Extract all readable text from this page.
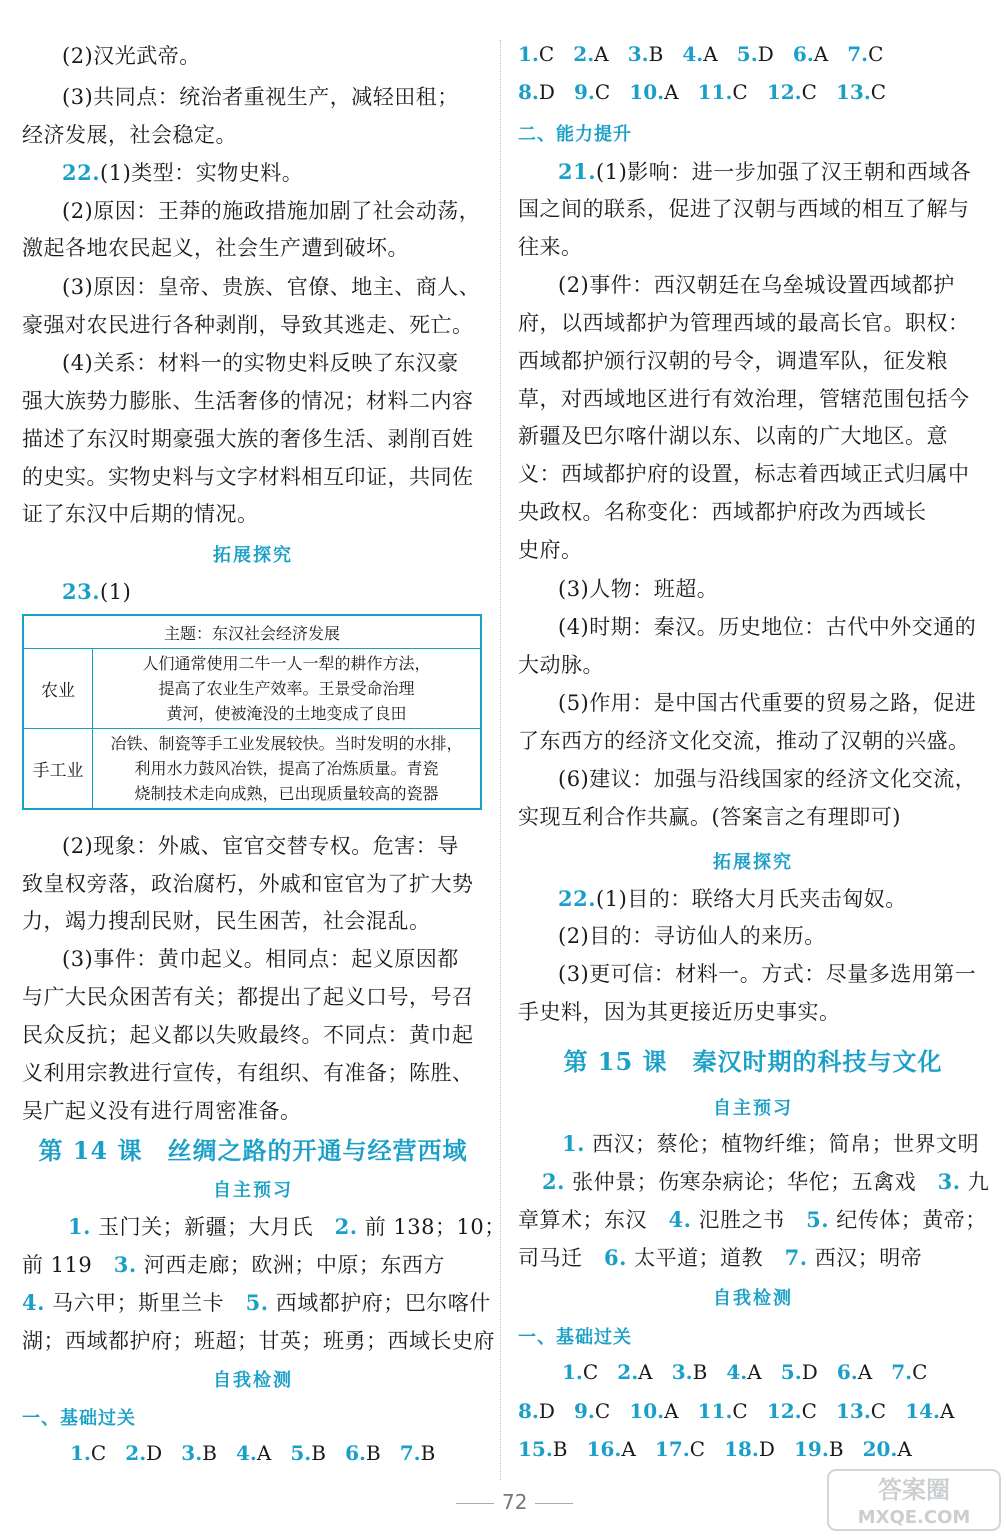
(2)汉光武帝。

(3)共同点：统治者重视生产，减轻田租；

经济发展，社会稳定。

22.(1)类型：实物史料。

(2)原因：王莽的施政措施加剧了社会动荡，

激起各地农民起义，社会生产遭到破坏。

(3)原因：皇帝、贵族、官僚、地主、商人、

豪强对农民进行各种剥削，导致其逃走、死亡。

(4)关系：材料一的实物史料反映了东汉豪

强大族势力膨胀、生活奢侈的情况；材料二内容

描述了东汉时期豪强大族的奢侈生活、剥削百姓

的史实。实物史料与文字材料相互印证，共同佐

证了东汉中后期的情况。

拓展探究

23.(1)

主题：东汉社会经济发展	
农业	人们通常使用二牛一人一犁的耕作方法，
提高了农业生产效率。王景受命治理
黄河，使被淹没的土地变成了良田

手工业	冶铁、制瓷等手工业发展较快。当时发明的水排，
利用水力鼓风冶铁，提高了冶炼质量。青瓷
烧制技术走向成熟，已出现质量较高的瓷器

(2)现象：外戚、宦官交替专权。危害：导

致皇权旁落，政治腐朽，外戚和宦官为了扩大势

力，竭力搜刮民财，民生困苦，社会混乱。

(3)事件：黄巾起义。相同点：起义原因都

与广大民众困苦有关；都提出了起义口号，号召

民众反抗；起义都以失败最终。不同点：黄巾起

义利用宗教进行宣传，有组织、有准备；陈胜、

吴广起义没有进行周密准备。

第 14 课　丝绸之路的开通与经营西域

自主预习

1. 玉门关；新疆；大月氏　 2. 前 138；10；

前 119　 3. 河西走廊；欧洲；中原；东西方

4. 马六甲；斯里兰卡　 5. 西域都护府；巴尔喀什

湖；西域都护府；班超；甘英；班勇；西域长史府

自我检测

一、基础过关

1.C 2.D 3.B 4.A 5.B 6.B 7.B

1.C 2.A 3.B 4.A 5.D 6.A 7.C

8.D 9.C 10.A 11.C 12.C 13.C

二、能力提升

21.(1)影响：进一步加强了汉王朝和西域各

国之间的联系，促进了汉朝与西域的相互了解与

往来。

(2)事件：西汉朝廷在乌垒城设置西域都护

府，以西域都护为管理西域的最高长官。职权：

西域都护颁行汉朝的号令，调遣军队，征发粮

草，对西域地区进行有效治理，管辖范围包括今

新疆及巴尔喀什湖以东、以南的广大地区。意

义：西域都护府的设置，标志着西域正式归属中

央政权。名称变化：西域都护府改为西域长

史府。

(3)人物：班超。

(4)时期：秦汉。历史地位：古代中外交通的

大动脉。

(5)作用：是中国古代重要的贸易之路，促进

了东西方的经济文化交流，推动了汉朝的兴盛。

(6)建议：加强与沿线国家的经济文化交流，

实现互利合作共赢。(答案言之有理即可)

拓展探究

22.(1)目的：联络大月氏夹击匈奴。

(2)目的：寻访仙人的来历。

(3)更可信：材料一。方式：尽量多选用第一

手史料，因为其更接近历史事实。

第 15 课　秦汉时期的科技与文化

自主预习

1. 西汉；蔡伦；植物纤维；简帛；世界文明

2. 张仲景；伤寒杂病论；华佗；五禽戏　 3. 九

章算术；东汉　 4. 氾胜之书　 5. 纪传体；黄帝；

司马迁　 6. 太平道；道教　 7. 西汉；明帝

自我检测

一、基础过关

1.C 2.A 3.B 4.A 5.D 6.A 7.C

8.D 9.C 10.A 11.C 12.C 13.C 14.A

15.B 16.A 17.C 18.D 19.B 20.A

72	答案圈
MXQE.COM
